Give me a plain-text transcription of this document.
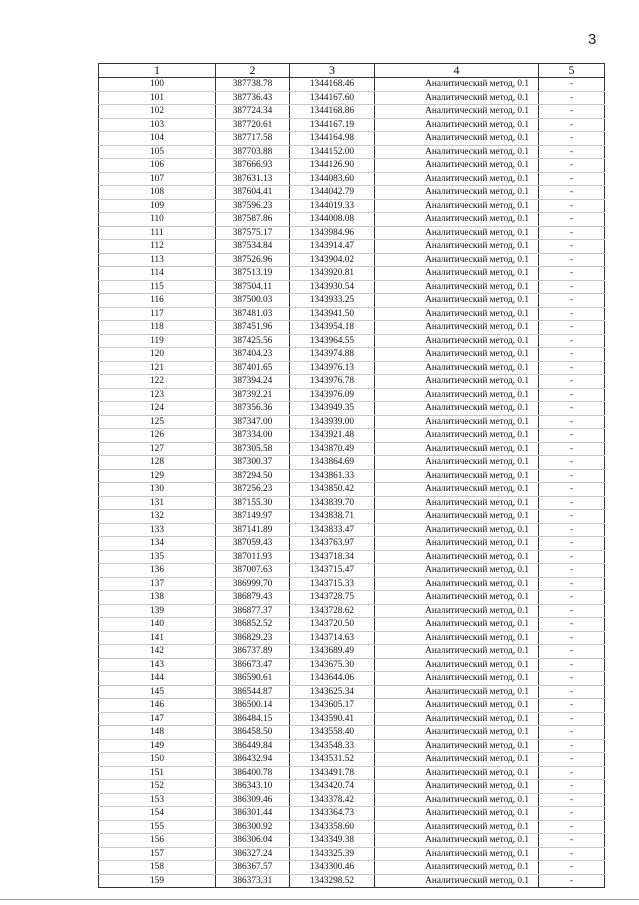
3
1	2	3	4	5
100	387738.78	1344168.46	Аналитический метод, 0.1	-
101	387736.43	1344167.60	Аналитический метод, 0.1	-
102	387724.34	1344168.86	Аналитический метод, 0.1	-
103	387720.61	1344167.19	Аналитический метод, 0.1	-
104	387717.58	1344164.98	Аналитический метод, 0.1	-
105	387703.88	1344152.00	Аналитический метод, 0.1	-
106	387666.93	1344126.90	Аналитический метод, 0.1	-
107	387631.13	1344083.60	Аналитический метод, 0.1	-
108	387604.41	1344042.79	Аналитический метод, 0.1	-
109	387596.23	1344019.33	Аналитический метод, 0.1	-
110	387587.86	1344008.08	Аналитический метод, 0.1	-
111	387575.17	1343984.96	Аналитический метод, 0.1	-
112	387534.84	1343914.47	Аналитический метод, 0.1	-
113	387526.96	1343904.02	Аналитический метод, 0.1	-
114	387513.19	1343920.81	Аналитический метод, 0.1	-
115	387504.11	1343930.54	Аналитический метод, 0.1	-
116	387500.03	1343933.25	Аналитический метод, 0.1	-
117	387481.03	1343941.50	Аналитический метод, 0.1	-
118	387451.96	1343954.18	Аналитический метод, 0.1	-
119	387425.56	1343964.55	Аналитический метод, 0.1	-
120	387404.23	1343974.88	Аналитический метод, 0.1	-
121	387401.65	1343976.13	Аналитический метод, 0.1	-
122	387394.24	1343976.78	Аналитический метод, 0.1	-
123	387392.21	1343976.09	Аналитический метод, 0.1	-
124	387356.36	1343949.35	Аналитический метод, 0.1	-
125	387347.00	1343939.00	Аналитический метод, 0.1	-
126	387334.00	1343921.48	Аналитический метод, 0.1	-
127	387305.58	1343870.49	Аналитический метод, 0.1	-
128	387300.37	1343864.69	Аналитический метод, 0.1	-
129	387294.50	1343861.33	Аналитический метод, 0.1	-
130	387256.23	1343850.42	Аналитический метод, 0.1	-
131	387155.30	1343839.70	Аналитический метод, 0.1	-
132	387149.97	1343838.71	Аналитический метод, 0.1	-
133	387141.89	1343833.47	Аналитический метод, 0.1	-
134	387059.43	1343763.97	Аналитический метод, 0.1	-
135	387011.93	1343718.34	Аналитический метод, 0.1	-
136	387007.63	1343715.47	Аналитический метод, 0.1	-
137	386999.70	1343715.33	Аналитический метод, 0.1	-
138	386879.43	1343728.75	Аналитический метод, 0.1	-
139	386877.37	1343728.62	Аналитический метод, 0.1	-
140	386852.52	1343720.50	Аналитический метод, 0.1	-
141	386829.23	1343714.63	Аналитический метод, 0.1	-
142	386737.89	1343689.49	Аналитический метод, 0.1	-
143	386673.47	1343675.30	Аналитический метод, 0.1	-
144	386590.61	1343644.06	Аналитический метод, 0.1	-
145	386544.87	1343625.34	Аналитический метод, 0.1	-
146	386500.14	1343605.17	Аналитический метод, 0.1	-
147	386484.15	1343590.41	Аналитический метод, 0.1	-
148	386458.50	1343558.40	Аналитический метод, 0.1	-
149	386449.84	1343548.33	Аналитический метод, 0.1	-
150	386432.94	1343531.52	Аналитический метод, 0.1	-
151	386400.78	1343491.78	Аналитический метод, 0.1	-
152	386343.10	1343420.74	Аналитический метод, 0.1	-
153	386309.46	1343378.42	Аналитический метод, 0.1	-
154	386301.44	1343364.73	Аналитический метод, 0.1	-
155	386300.92	1343358.60	Аналитический метод, 0.1	-
156	386306.04	1343349.38	Аналитический метод, 0.1	-
157	386327.24	1343325.39	Аналитический метод, 0.1	-
158	386367.57	1343300.46	Аналитический метод, 0.1	-
159	386373.31	1343298.52	Аналитический метод, 0.1	-
